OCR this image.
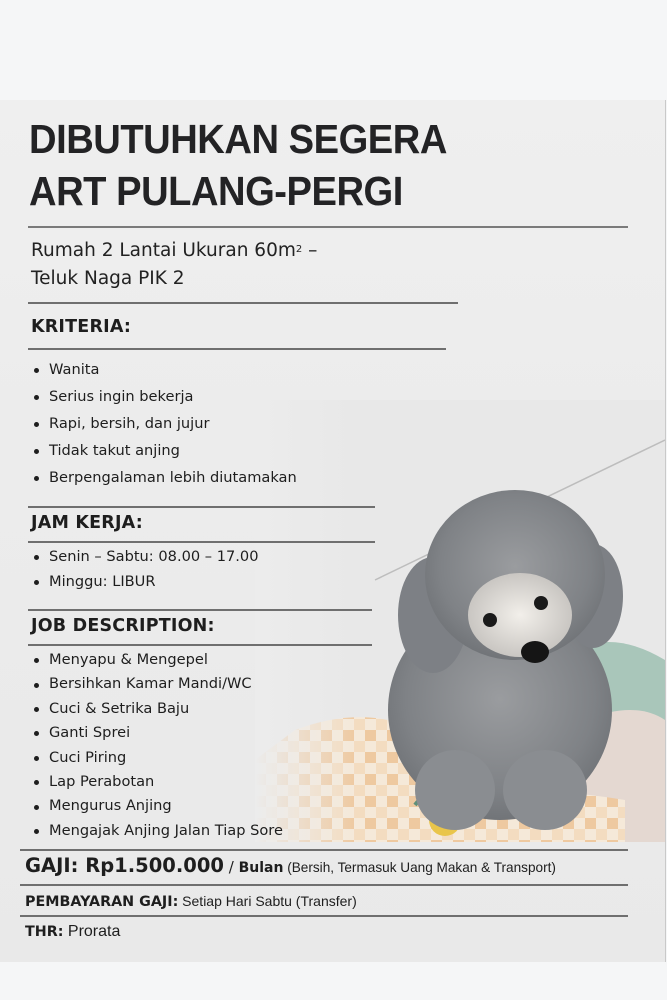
DIBUTUHKAN SEGERA
ART PULANG-PERGI
Rumah 2 Lantai Ukuran $60m^2$ –
Teluk Naga PIK 2
KRITERIA:
Wanita
Serius ingin bekerja
Rapi, bersih, dan jujur
Tidak takut anjing
Berpengalaman lebih diutamakan
JAM KERJA:
Senin – Sabtu: 08.00 – 17.00
Minggu: LIBUR
JOB DESCRIPTION:
Menyapu & Mengepel
Bersihkan Kamar Mandi/WC
Cuci & Setrika Baju
Ganti Sprei
Cuci Piring
Lap Perabotan
Mengurus Anjing
Mengajak Anjing Jalan Tiap Sore
GAJI: Rp1.500.000 / Bulan (Bersih, Termasuk Uang Makan & Transport)
PEMBAYARAN GAJI: Setiap Hari Sabtu (Transfer)
THR: Prorata
